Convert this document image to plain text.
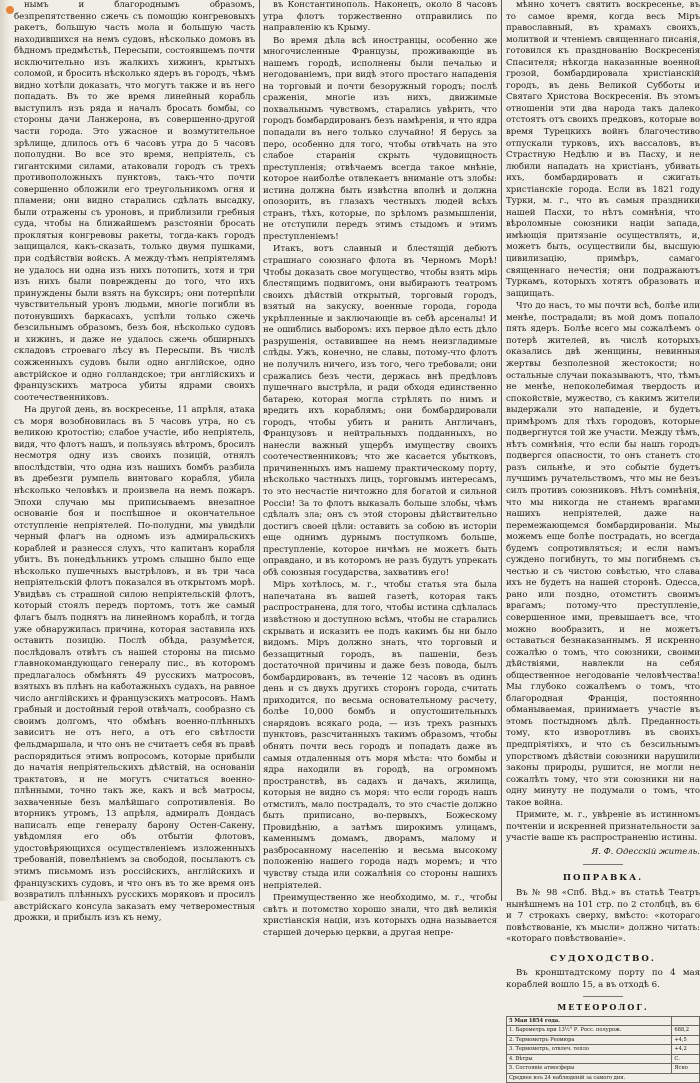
нымъ и благороднымъ образомъ, безпрепятственно сжечь съ помощію конгревовыхъ ракетъ, большую часть мола и большую часть находившихся на немъ судовъ, нѣсколько домовъ въ бѣдномъ предмѣстьѣ, Пересыпи, состоявшемъ почти исключительно изъ жалкихъ хижинъ, крытыхъ соломой, и бросить нѣсколько ядеръ въ городъ, чѣмъ видно хотѣли доказать, что могутъ также и въ него попадать. Въ то же время линейный корабль выступилъ изъ ряда и началъ бросать бомбы, со стороны дачи Ланжерона, въ совершенно-другой части города. Это ужасное и возмутительное зрѣлище, длилось отъ 6 часовъ утра до 5 часовъ пополудни. Во все это время, непріятель, съ гигантскими силами, атаковали городъ съ трехъ противоположныхъ пунктовъ, такъ-что почти совершенно обложили его треугольникомъ огня и пламени; они видно старались сдѣлать высадку, были отражены съ уроновъ, и приблизили гребныя суда, чтобы на ближайшемъ разстояніи бросать проклятыя конгревовы ракеты, тогда-какъ городъ защищался, какъ-сказать, только двумя пушками, при содѣйствіи войскъ. А между-тѣмъ непріятелямъ не удалось ни одна изъ нихъ потопить, хотя и три изъ нихъ были повреждены до того, что ихъ принуждены были взять на буксиръ; они потерпѣли чувствительный уронъ людьми, многіе погибли въ потонувшихъ баркасахъ, успѣли только сжечь безсильнымъ образомъ, безъ боя, нѣсколько судовъ и хижинъ, и даже не удалось сжечь обширныхъ складовъ строеваго лѣсу въ Пересыпи. Въ числѣ сожженныхъ судовъ были одно англійское, одно австрійское и одно голландское; три англійскихъ и французскихъ матроса убиты ядрами своихъ соотечественниковъ.

На другой день, въ воскресенье, 11 апрѣля, атака съ моря возобновилась въ 5 часовъ утра, но съ великою кротостію; слабое участіе, ибо непріятель, видя, что флотъ нашъ, и пользуясь вѣтромъ, бросилъ несмотря одну изъ своихъ позицій, отнялъ впослѣдствіи, что одна изъ нашихъ бомбъ разбила въ дребезги румпель винтоваго корабля, убила нѣсколько человѣкъ и произвела на немъ пожаръ. Эпохи случаю мы приписываемъ внезапное основаніе боя и поспѣшное и окончательное отступленіе непріятелей. По-полудни, мы увидѣли черный флагъ на одномъ изъ адмиральскихъ кораблей и разнесся слухъ, что капитанъ корабля убитъ. Въ понедѣльникъ утромъ слышно было еще нѣсколько пушечныхъ выстрѣловъ, и въ три часа непріятельскій флотъ показался въ открытомъ морѣ. Увидѣвъ съ страшной силою непріятельскій флотъ, который стоялъ передъ портомъ, тотъ же самый флагъ былъ поднятъ на линейномъ кораблѣ, и тогда уже обнаружилась причина, которая заставила ихъ оставить позицію. Послѣ обѣда, разумѣется, послѣдовалъ отвѣтъ съ нашей стороны на письмо главнокомандующаго генералу пис., въ которомъ предлагалось обмѣнять 49 русскихъ матросовъ, взятыхъ въ плѣнъ на каботажныхъ судахъ, на равное число англійскихъ и французскихъ матросовъ. Намъ грабный и достойный герой отвѣчалъ, сообразно съ своимъ долгомъ, что обмѣнъ военно-плѣнныхъ зависитъ не отъ него, а отъ его свѣтлости фельдмаршала, и что онъ не считаетъ себя въ правѣ распорядиться этимъ вопросомъ, которые прибыли до начатія непріятельскихъ дѣйствій, на основаніи трактатовъ, и не могутъ считаться военно-плѣнными, точно такъ же, какъ и всѣ матросы, захваченные безъ малѣйшаго сопротивленія. Во вторникъ утромъ, 13 апрѣля, адмиралъ Дондасъ написалъ еще генералу барону Остен-Сакену, увѣдомляя его объ отбытіи флотовъ, удостовѣряющихся осуществленіемъ изложенныхъ требованій, повелѣніемъ за свободой, посылаютъ съ этимъ письмомъ изъ россійскихъ, англійскихъ и французскихъ судовъ, и что онъ въ то же время онъ возвратилъ плѣнныхъ русскихъ моряковъ и просилъ австрійскаго консула заказать ему четвероместныя дрожки, и прибылъ изъ къ нему,

въ Константинополь. Наконецъ, около 8 часовъ утра флотъ торжественно отправились по направленію къ Крыму.

Во время дѣла всѣ иностранцы, особенно же многочисленные Французы, проживающіе въ нашемъ городѣ, исполнены были печалью и негодованіемъ, при видѣ этого простаго нападенія на торговый и почти безоружный городъ; послѣ сраженія, многіе изъ нихъ, движимые похвальнымъ чувствомъ, старались увѣрить, что городъ бомбардированъ безъ намѣренія, и что ядра попадали въ него только случайно! Я берусь за перо, особенно для того, чтобы отвѣчать на это слабое старанія скрыть чудовищность преступленія; отвѣчаемъ всегда такое мнѣніе, которое наиболѣе отвлекаетъ вниманіе отъ злобы: истина должна быть извѣстна вполнѣ и должна опозорить, въ глазахъ честныхъ людей всѣхъ странъ, тѣхъ, которые, по зрѣломъ размышленіи, не отступили передъ этимъ стыдомъ и этимъ преступленіемъ!

Итакъ, вотъ славный и блестящій дебютъ страшнаго союзнаго флота въ Черномъ Морѣ! Чтобы доказать свое могущество, чтобы взять мірь блестящимъ подвигомъ, они выбираютъ театромъ своихъ дѣйствій открытый, торговый городъ, взятый на закуску, военные города, города укрѣпленные и заключающіе въ себѣ арсеналы! И не ошиблись выборомъ: ихъ первое дѣло есть дѣло разрушенія, оставившее на немъ неизгладимые слѣды. Ужъ, конечно, не славы, потому-что флотъ не получилъ ничего, изъ того, чего требовали; они сражались безъ чести, держась внѣ предѣловъ пушечнаго выстрѣла, и ради обходя единственно батарею, которая могла стрѣлять по нимъ и вредить ихъ кораблямъ; они бомбардировали городъ, чтобы убить и ранить Англичанъ, Французовъ и нейтральныхъ подданныхъ, но нанесли важный ущербъ имуществу своихъ соотечественниковъ; что же касается убытковъ, причиненныхъ имъ нашему практическому порту, нѣсколько частныхъ лицъ, торговымъ интересамъ, то это несчастіе ничтожно для богатой и сильной Россіи! За то флотъ выказалъ больше злобы, чѣмъ сдѣлалъ зла; онъ съ этой стороны дѣйствительно достигъ своей цѣли: оставить за собою въ исторіи еще однимъ дурнымъ поступкомъ больше, преступленіе, которое ничѣмъ не можетъ быть оправдано, и въ которомъ не разъ будутъ упрекать обѣ союзныя государства, захвативъ его!

Міръ хотѣлось, м. г., чтобы статья эта была напечатана въ вашей газетѣ, которая такъ распространена, для того, чтобы истина сдѣлалась извѣстною и доступною всѣмъ, чтобы не старались скрывать и исказить ее подъ какимъ бы ни было видомъ. Міръ должно знать, что торговый и беззащитный городъ, въ пашеніи, безъ достаточной причины и даже безъ повода, былъ бомбардированъ, въ теченіе 12 часовъ въ одинъ день и съ двухъ другихъ сторонъ города, считать приходится, по весьма основательному расчету, болѣе 10,000 бомбъ и опустошительныхъ снарядовъ всякаго рода, — изъ трехъ разныхъ пунктовъ, разсчитанныхъ такимъ образомъ, чтобы обнять почти весь городъ и попадать даже въ самыя отдаленныя отъ моря мѣста: что бомбы и ядра находили въ городѣ, на огромномъ пространствѣ, въ садахъ и дачахъ, жилища, которыя не видно съ моря: что если городъ нашъ отмстилъ, мало пострадалъ, то это счастіе должно быть приписано, во-первыхъ, Божескому Провидѣнію, а затѣмъ широкимъ улицамъ, каменнымъ домамъ, дворамъ, малому и разбросанному населенію и весьма высокому положенію нашего города надъ моремъ; и что чувству стыда или сожалѣнія со стороны нашихъ непріятелей.

Преимущественно же необходимо, м. г., чтобы свѣтъ и потомство хорошо знали, что двѣ великія христіанскія націи, изъ которыхъ одна называется старшей дочерью церкви, а другая непре-

мѣнно хочетъ святить воскресенье, въ то самое время, когда весь Міръ православный, въ храмахъ своихъ, молитвой и чтеніемъ священнаго писанія, готовился къ празднованію Воскресенія Спасителя; нѣкогда наказанные военной грозой, бомбардировала христіанскій городъ, въ день Великой Субботы и Святаго Христова Воскресенія. Въ этомъ отношеніи эти два народа такъ далеко отстоятъ отъ своихъ предковъ, которые во время Турецкихъ войнъ благочестиво отпускали турковъ, ихъ вассаловъ, въ Страстную Недѣлю и въ Пасху, и не любили нападать на христіанъ, убивать ихъ, бомбардировать и сжигать христіанскіе города. Если въ 1821 году Турки, м. г., что въ самыя праздники нашей Пасхи, то нѣтъ сомнѣнія, что вѣроломные союзники націи запада, имѣющія притязаніе осуществлять, и, можетъ быть, осуществили бы, высшую цивилизацію, примѣръ, самаго священнаго нечестія; они подражаютъ Туркамъ, которыхъ хотятъ образовать и защищать.

Что до насъ, то мы почти всѣ, болѣе или менѣе, пострадали; въ мой домъ попало пять ядеръ. Болѣе всего мы сожалѣемъ о потерѣ жителей, въ числѣ которыхъ оказались двѣ женщины, невинныя жертвы безполезной жестокости; но остальные случаи показываютъ, что, тѣмъ не менѣе, непоколебимая твердость и спокойствіе, мужество, съ какимъ жители выдержали это нападеніе, и будетъ примѣромъ для тѣхъ городовъ, которые подвергнутся той же участи. Между тѣмъ, нѣтъ сомнѣнія, что если бы нашъ городъ подвергся опасности, то онъ станетъ сто разъ сильнѣе, и это событіе будетъ лучшимъ ручательствомъ, что мы не безъ силъ противъ союзниковъ. Нѣтъ сомнѣнія, что мы никогда не станемъ врагами нашихъ непріятелей, даже на перемежающемся бомбардированіи. Мы можемъ еще болѣе пострадать, но всегда будемъ сопротивляться; и если намъ суждено погибнуть, то мы погибнемъ съ честью и съ чистою совѣстью, что слава ихъ не будетъ на нашей сторонѣ. Одесса, рано или поздно, отомститъ своимъ врагамъ; потому-что преступленіе, совершенное ими, превышаетъ все, что можно вообразить, и не можетъ оставаться безнаказаннымъ. Я искренно сожалѣю о томъ, что союзники, своими дѣйствіями, навлекли на себя общественное негодованіе человѣчества! Мы глубоко сожалѣемъ о томъ, что благородная Франція, постоянно обманываемая, принимаетъ участіе въ этомъ постыдномъ дѣлѣ. Преданность тому, кто изворотливъ въ своихъ предпріятіяхъ, и что съ безсильнымъ упорствомъ дѣйствіи союзники нарушили законы природы, рушится, не могли не сожалѣть тому, что эти союзники ни на одну минуту не подумали о томъ, что такое война.

Примите, м. г., увѣреніе въ истинномъ почтеніи и искренней признательности за участіе ваше къ распространенію истины.

Я. Ф. Одесскій житель.
ПОПРАВКА.

Въ № 98 «Спб. Вѣд.» въ статьѣ Театръ нынѣшнемъ на 101 стр. по 2 столбцѣ, въ 6 и 7 строкахъ сверху, вмѣсто: «котораго повѣствованіе, къ мысли» должно читать: «котораго повѣствованіе».

СУДОХОДСТВО.

Въ кронштадтскому порту по 4 мая кораблей вошло 15, а въ отходѣ 6.

МЕТЕОРОЛОГ.
5 Мая 1854 года.	
1. Барометръ при 13½° Р. Росс. полурож.	688,2
2. Термометръ Реомюра	+4,5
3. Термометръ, отвлеч. тепло	+4,2
4. Вѣтры	С.
5. Состояніе атмосферы	Ясно
Среднее изъ 24 наблюденій за самого дня.	
